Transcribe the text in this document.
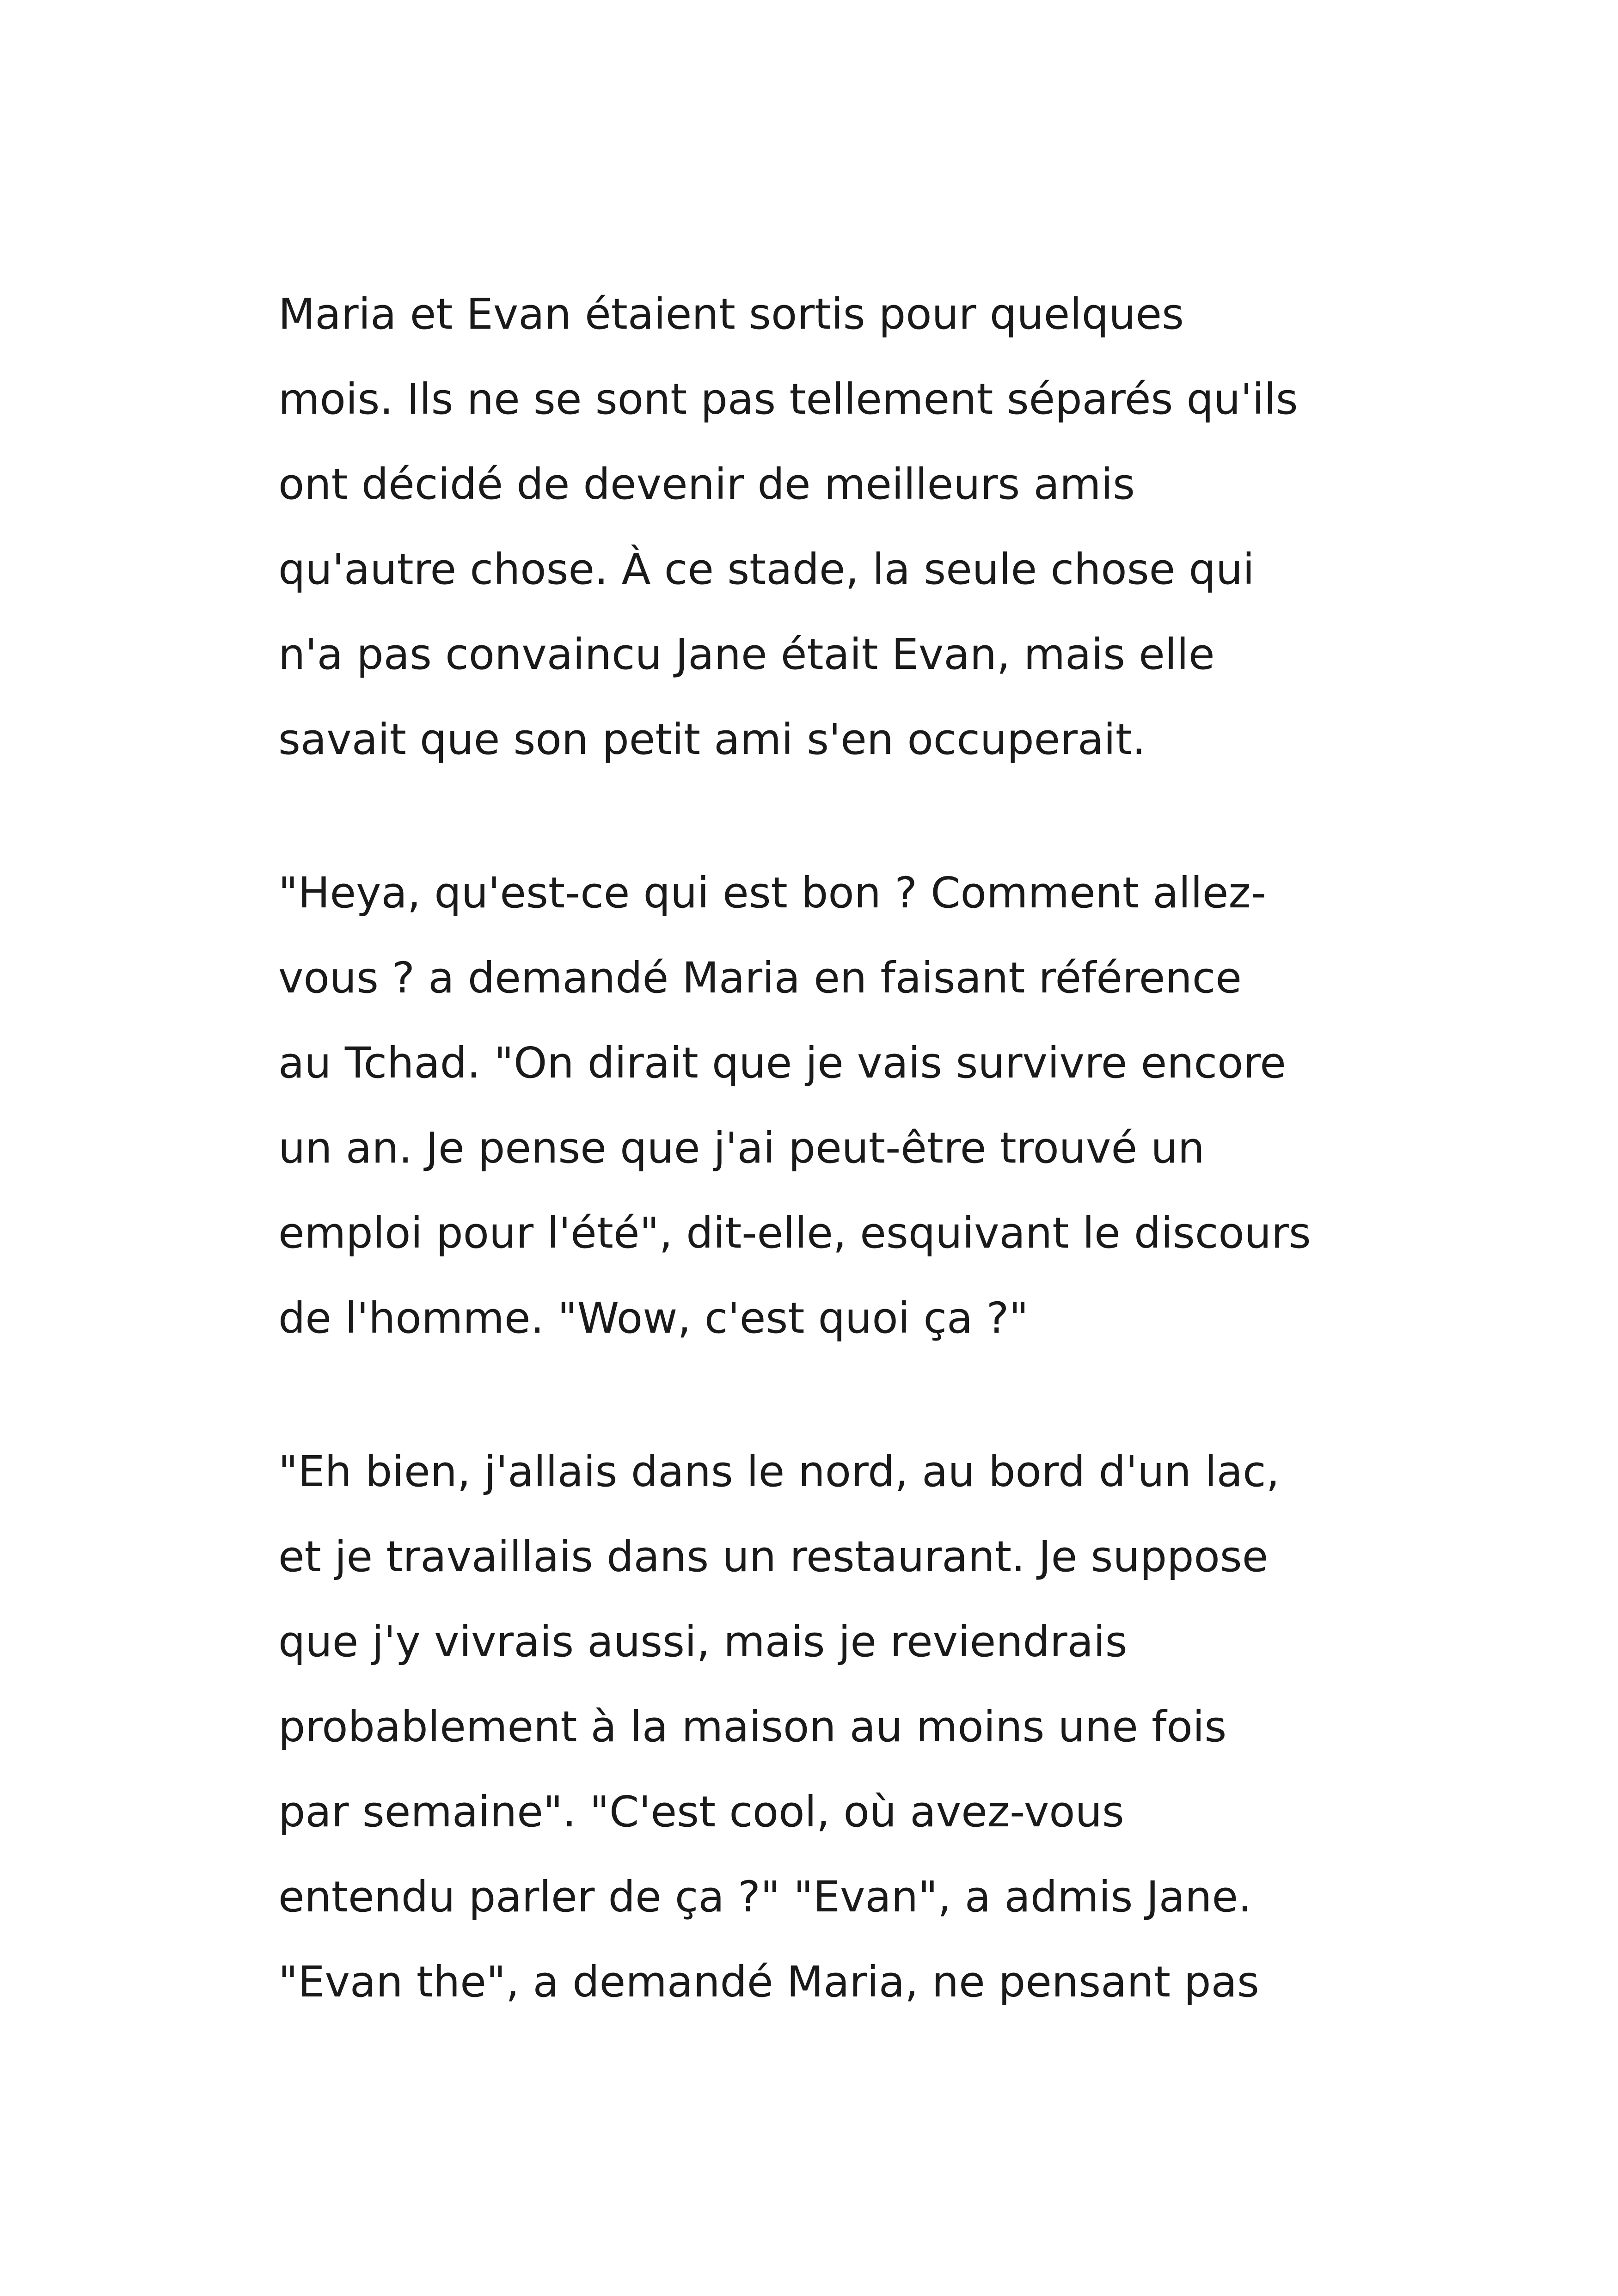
Maria et Evan étaient sortis pour quelques
mois. Ils ne se sont pas tellement séparés qu'ils
ont décidé de devenir de meilleurs amis
qu'autre chose. À ce stade, la seule chose qui
n'a pas convaincu Jane était Evan, mais elle
savait que son petit ami s'en occuperait.
"Heya, qu'est-ce qui est bon ? Comment allez-
vous ? a demandé Maria en faisant référence
au Tchad. "On dirait que je vais survivre encore
un an. Je pense que j'ai peut-être trouvé un
emploi pour l'été", dit-elle, esquivant le discours
de l'homme. "Wow, c'est quoi ça ?"
"Eh bien, j'allais dans le nord, au bord d'un lac,
et je travaillais dans un restaurant. Je suppose
que j'y vivrais aussi, mais je reviendrais
probablement à la maison au moins une fois
par semaine". "C'est cool, où avez-vous
entendu parler de ça ?" "Evan", a admis Jane.
"Evan the", a demandé Maria, ne pensant pas
